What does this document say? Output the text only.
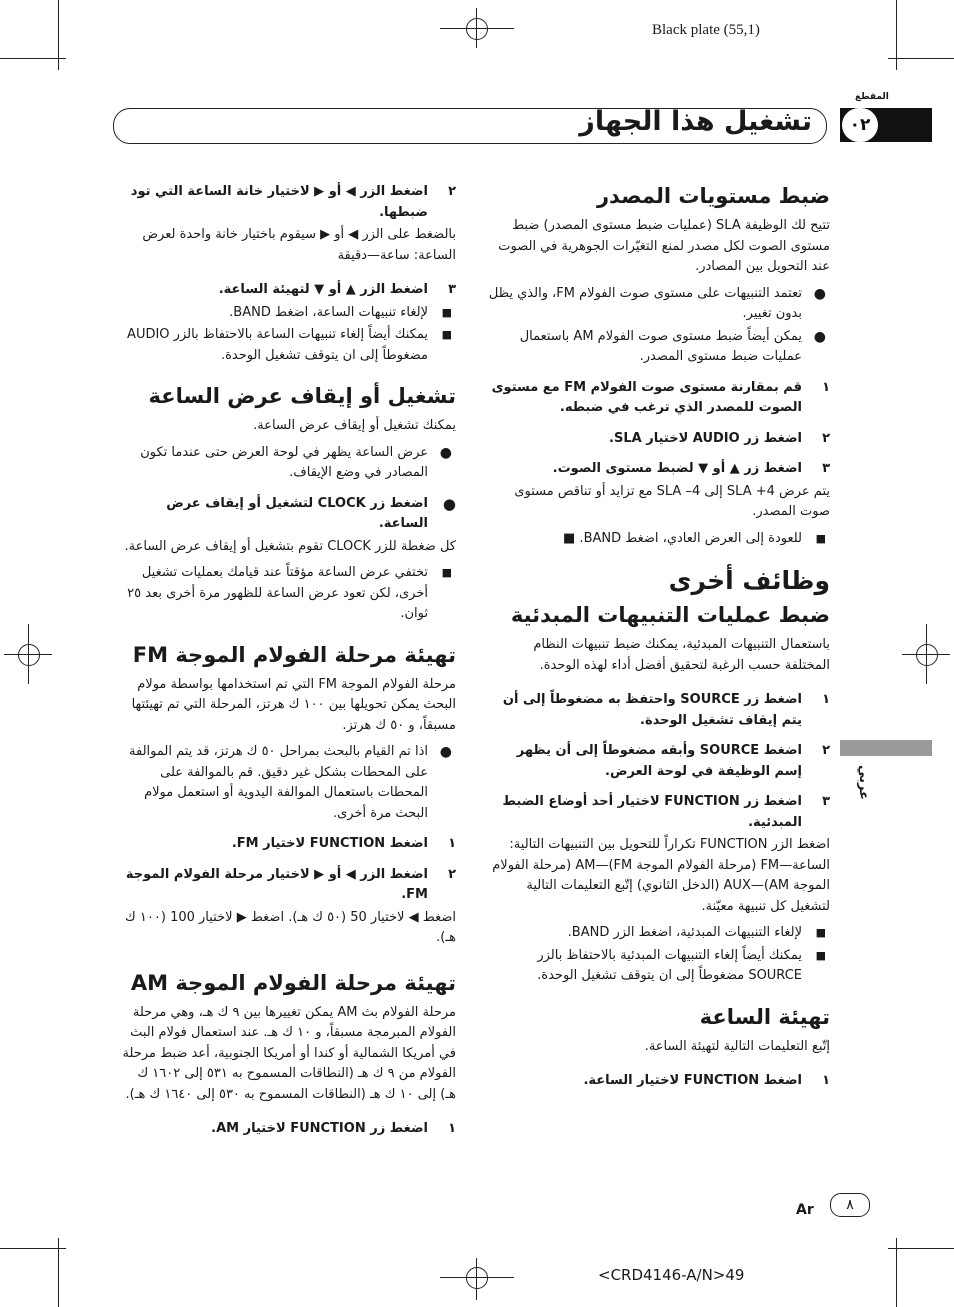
Black plate (55,1)
المقطع
تشغيل هذا الجهاز	٠٢
عربي
ضبط مستويات المصدر
تتيح لك الوظيفة SLA (عمليات ضبط مستوى المصدر) ضبط مستوى الصوت لكل مصدر لمنع التغيّرات الجوهرية في الصوت عند التحويل بين المصادر.
●
تعتمد التنبيهات على مستوى صوت الفولام FM، والذي يظل بدون تغيير.
●
يمكن أيضاً ضبط مستوى صوت الفولام AM باستعمال عمليات ضبط مستوى المصدر.
١
قم بمقارنة مستوى صوت الفولام FM مع مستوى الصوت للمصدر الذي ترغب في ضبطه.
٢
اضغط زر AUDIO لاختيار SLA.
٣
اضغط زر ▲ أو ▼ لضبط مستوى الصوت.
يتم عرض SLA +4 إلى SLA –4 مع تزايد أو تناقص مستوى صوت المصدر.
■
للعودة إلى العرض العادي، اضغط BAND. ■
وظائف أخرى
ضبط عمليات التنبيهات المبدئية
باستعمال التنبيهات المبدئية، يمكنك ضبط تنبيهات النظام المختلفة حسب الرغبة لتحقيق أفضل أداء لهذه الوحدة.
١
اضغط زر SOURCE واحتفظ به مضغوطاً إلى أن يتم إيقاف تشغيل الوحدة.
٢
اضغط SOURCE وأبقه مضغوطاً إلى أن يظهر إسم الوظيفة في لوحة العرض.
٣
اضغط زر FUNCTION لاختيار أحد أوضاع الضبط المبدئية.
اضغط الزر FUNCTION تكراراً للتحويل بين التنبيهات التالية: الساعة—FM (مرحلة الفولام الموجة FM)—AM (مرحلة الفولام الموجة AM)—AUX (الدخل الثانوي) إتّبع التعليمات التالية لتشغيل كل تنبيهة معيّنة.
■
لإلغاء التنبيهات المبدئية، اضغط الزر BAND.
■
يمكنك أيضاً إلغاء التنبيهات المبدئية بالاحتفاظ بالزر SOURCE مضغوطاً إلى ان يتوقف تشغيل الوحدة.
تهيئة الساعة
إتّبع التعليمات التالية لتهيئة الساعة.
١
اضغط FUNCTION لاختيار الساعة.
٢
اضغط الزر ◀ أو ▶ لاختيار خانة الساعة التي تود ضبطها.
بالضغط على الزر ◀ أو ▶ سيقوم باختيار خانة واحدة لعرض الساعة: ساعة—دقيقة
٣
اضغط الزر ▲ أو ▼ لتهيئة الساعة.
■
لإلغاء تنبيهات الساعة، اضغط BAND.
■
يمكنك أيضاً إلغاء تنبيهات الساعة بالاحتفاظ بالزر AUDIO مضغوطاً إلى ان يتوقف تشغيل الوحدة.
تشغيل أو إيقاف عرض الساعة
يمكنك تشغيل أو إيقاف عرض الساعة.
●
عرض الساعة يظهر في لوحة العرض حتى عندما تكون المصادر في وضع الإيقاف.
●
اضغط زر CLOCK لتشغيل أو إيقاف عرض الساعة.
كل ضغطة للزر CLOCK تقوم بتشغيل أو إيقاف عرض الساعة.
■
تختفي عرض الساعة مؤقتاً عند قيامك بعمليات تشغيل أخرى، لكن تعود عرض الساعة للظهور مرة أخرى بعد ٢٥ ثوان.
تهيئة مرحلة الفولام الموجة FM
مرحلة الفولام الموجة FM التي تم استخدامها بواسطة مولام البحث يمكن تحويلها بين ١٠٠ ك هرتز، المرحلة التي تم تهيئتها مسبقاً، و ٥٠ ك هرتز.
●
اذا تم القيام بالبحث بمراحل ٥٠ ك هرتز، قد يتم الموالفة على المحطات بشكل غير دقيق. قم بالموالفة على المحطات باستعمال الموالفة اليدوية أو استعمل مولام البحث مرة أخرى.
١
اضغط FUNCTION لاختيار FM.
٢
اضغط الزر ◀ أو ▶ لاختيار مرحلة الفولام الموجة FM.
اضغط ◀ لاختيار 50 (٥٠ ك هـ). اضغط ▶ لاختيار 100 (١٠٠ ك هـ).
تهيئة مرحلة الفولام الموجة AM
مرحلة الفولام بث AM يمكن تغييرها بين ٩ ك هـ، وهي مرحلة الفولام المبرمجة مسبقاً، و ١٠ ك هـ. عند استعمال فولام البث في أمريكا الشمالية أو كندا أو أمريكا الجنوبية، أعد ضبط مرحلة الفولام من ٩ ك هـ (النطاقات المسموح به ٥٣١ إلى ١٦٠٢ ك هـ) إلى ١٠ ك هـ (النطاقات المسموح به ٥٣٠ إلى ١٦٤٠ ك هـ).
١
اضغط زر FUNCTION لاختيار AM.
٨
Ar
<CRD4146-A/N>49
